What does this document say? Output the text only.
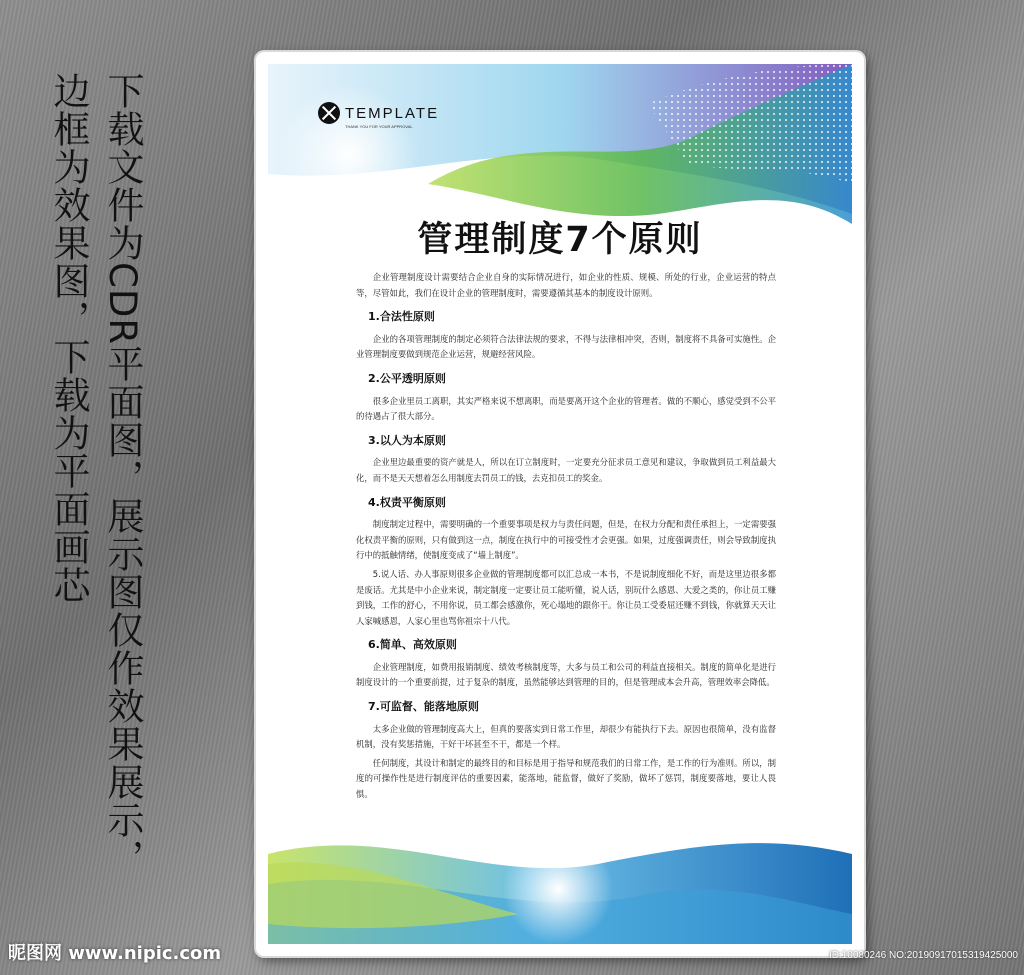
下载文件为CDR平面图，展示图仅作效果展示，
边框为效果图，下载为平面画芯	TEMPLATE
THANK YOU FOR YOUR APPROVAL
管理制度7个原则

企业管理制度设计需要结合企业自身的实际情况进行，如企业的性质、规模、所处的行业，企业运营的特点等，尽管如此，我们在设计企业的管理制度时，需要遵循其基本的制度设计原则。

1.合法性原则

企业的各项管理制度的制定必须符合法律法规的要求，不得与法律相冲突，否则，制度将不具备可实施性。企业管理制度要做到规范企业运营，规避经营风险。

2.公平透明原则

很多企业里员工离职，其实严格来说不想离职，而是要离开这个企业的管理者。做的不顺心，感觉受到不公平的待遇占了很大部分。

3.以人为本原则

企业里边最重要的资产就是人，所以在订立制度时，一定要充分征求员工意见和建议，争取做到员工利益最大化，而不是天天想着怎么用制度去罚员工的钱，去克扣员工的奖金。

4.权责平衡原则

制度制定过程中，需要明确的一个重要事项是权力与责任问题，但是，在权力分配和责任承担上，一定需要强化权责平衡的原则，只有做到这一点，制度在执行中的可接受性才会更强。如果，过度强调责任，则会导致制度执行中的抵触情绪，使制度变成了“墙上制度”。

5.说人话、办人事原则很多企业做的管理制度都可以汇总成一本书，不是说制度细化不好，而是这里边很多都是废话。尤其是中小企业来说，制定制度一定要让员工能听懂，说人话，别玩什么感恩、大爱之类的，你让员工赚到钱，工作的舒心，不用你说，员工都会感激你，死心塌地的跟你干。你让员工受委屈还赚不到钱，你就算天天让人家喊感恩，人家心里也骂你祖宗十八代。

6.简单、高效原则

企业管理制度，如费用报销制度、绩效考核制度等，大多与员工和公司的利益直接相关。制度的简单化是进行制度设计的一个重要前提，过于复杂的制度，虽然能够达到管理的目的，但是管理成本会升高，管理效率会降低。

7.可监督、能落地原则

太多企业做的管理制度高大上，但真的要落实到日常工作里，却很少有能执行下去。原因也很简单，没有监督机制，没有奖惩措施，干好干坏甚至不干，都是一个样。

任何制度，其设计和制定的最终目的和目标是用于指导和规范我们的日常工作，是工作的行为准则。所以，制度的可操作性是进行制度评估的重要因素，能落地，能监督，做好了奖励，做坏了惩罚，制度要落地，要让人畏惧。

昵图网 www.nipic.com	ID:10080246 NO:20190917015319425000
